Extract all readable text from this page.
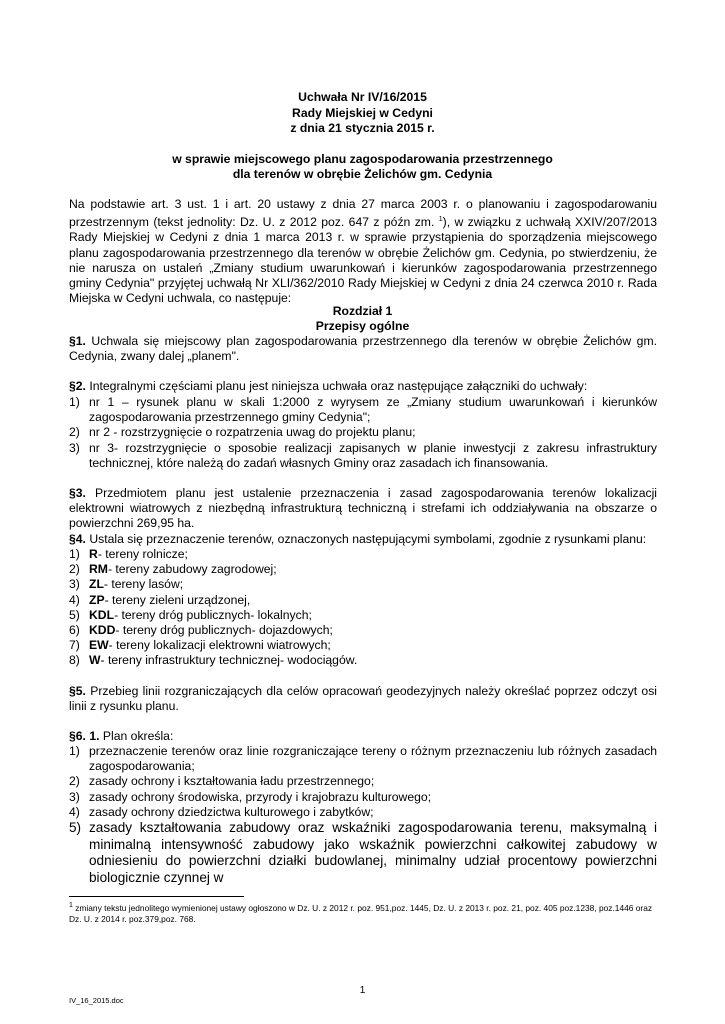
Uchwała Nr IV/16/2015
Rady Miejskiej w Cedyni
z dnia 21 stycznia 2015 r.
w sprawie miejscowego planu zagospodarowania przestrzennego
dla terenów w obrębie Żelichów gm. Cedynia
Na podstawie art. 3 ust. 1 i art. 20 ustawy z dnia 27 marca 2003 r. o planowaniu i zagospodarowaniu przestrzennym (tekst jednolity: Dz. U. z 2012 poz. 647 z późn zm. $^1$), w związku z uchwałą XXIV/207/2013 Rady Miejskiej w Cedyni z dnia 1 marca 2013 r. w sprawie przystąpienia do sporządzenia miejscowego planu zagospodarowania przestrzennego dla terenów w obrębie Żelichów gm. Cedynia, po stwierdzeniu, że nie narusza on ustaleń „Zmiany studium uwarunkowań i kierunków zagospodarowania przestrzennego gminy Cedynia" przyjętej uchwałą Nr XLI/362/2010 Rady Miejskiej w Cedyni z dnia 24 czerwca 2010 r. Rada Miejska w Cedyni uchwala, co następuje:
Rozdział 1
Przepisy ogólne
§1. Uchwala się miejscowy plan zagospodarowania przestrzennego dla terenów w obrębie Żelichów gm. Cedynia, zwany dalej „planem".
§2. Integralnymi częściami planu jest niniejsza uchwała oraz następujące załączniki do uchwały:
1) nr 1 – rysunek planu w skali 1:2000 z wyrysem ze „Zmiany studium uwarunkowań i kierunków zagospodarowania przestrzennego gminy Cedynia";
2) nr 2 - rozstrzygnięcie o rozpatrzenia uwag do projektu planu;
3) nr 3- rozstrzygnięcie o sposobie realizacji zapisanych w planie inwestycji z zakresu infrastruktury technicznej, które należą do zadań własnych Gminy oraz zasadach ich finansowania.
§3. Przedmiotem planu jest ustalenie przeznaczenia i zasad zagospodarowania terenów lokalizacji elektrowni wiatrowych z niezbędną infrastrukturą techniczną i strefami ich oddziaływania na obszarze o powierzchni 269,95 ha.
§4. Ustala się przeznaczenie terenów, oznaczonych następującymi symbolami, zgodnie z rysunkami planu:
1) R- tereny rolnicze;
2) RM- tereny zabudowy zagrodowej;
3) ZL- tereny lasów;
4) ZP- tereny zieleni urządzonej,
5) KDL- tereny dróg publicznych- lokalnych;
6) KDD- tereny dróg publicznych- dojazdowych;
7) EW- tereny lokalizacji elektrowni wiatrowych;
8) W- tereny infrastruktury technicznej- wodociągów.
§5. Przebieg linii rozgraniczających dla celów opracowań geodezyjnych należy określać poprzez odczyt osi linii z rysunku planu.
§6. 1. Plan określa:
1) przeznaczenie terenów oraz linie rozgraniczające tereny o różnym przeznaczeniu lub różnych zasadach zagospodarowania;
2) zasady ochrony i kształtowania ładu przestrzennego;
3) zasady ochrony środowiska, przyrody i krajobrazu kulturowego;
4) zasady ochrony dziedzictwa kulturowego i zabytków;
5) zasady kształtowania zabudowy oraz wskaźniki zagospodarowania terenu, maksymalną i minimalną intensywność zabudowy jako wskaźnik powierzchni całkowitej zabudowy w odniesieniu do powierzchni działki budowlanej, minimalny udział procentowy powierzchni biologicznie czynnej w
$^1$ zmiany tekstu jednolitego wymienionej ustawy ogłoszono w Dz. U. z 2012 r. poz. 951,poz. 1445, Dz. U. z 2013 r. poz. 21, poz. 405 poz.1238, poz.1446 oraz Dz. U. z 2014 r. poz.379,poz. 768.
1
IV_16_2015.doc
